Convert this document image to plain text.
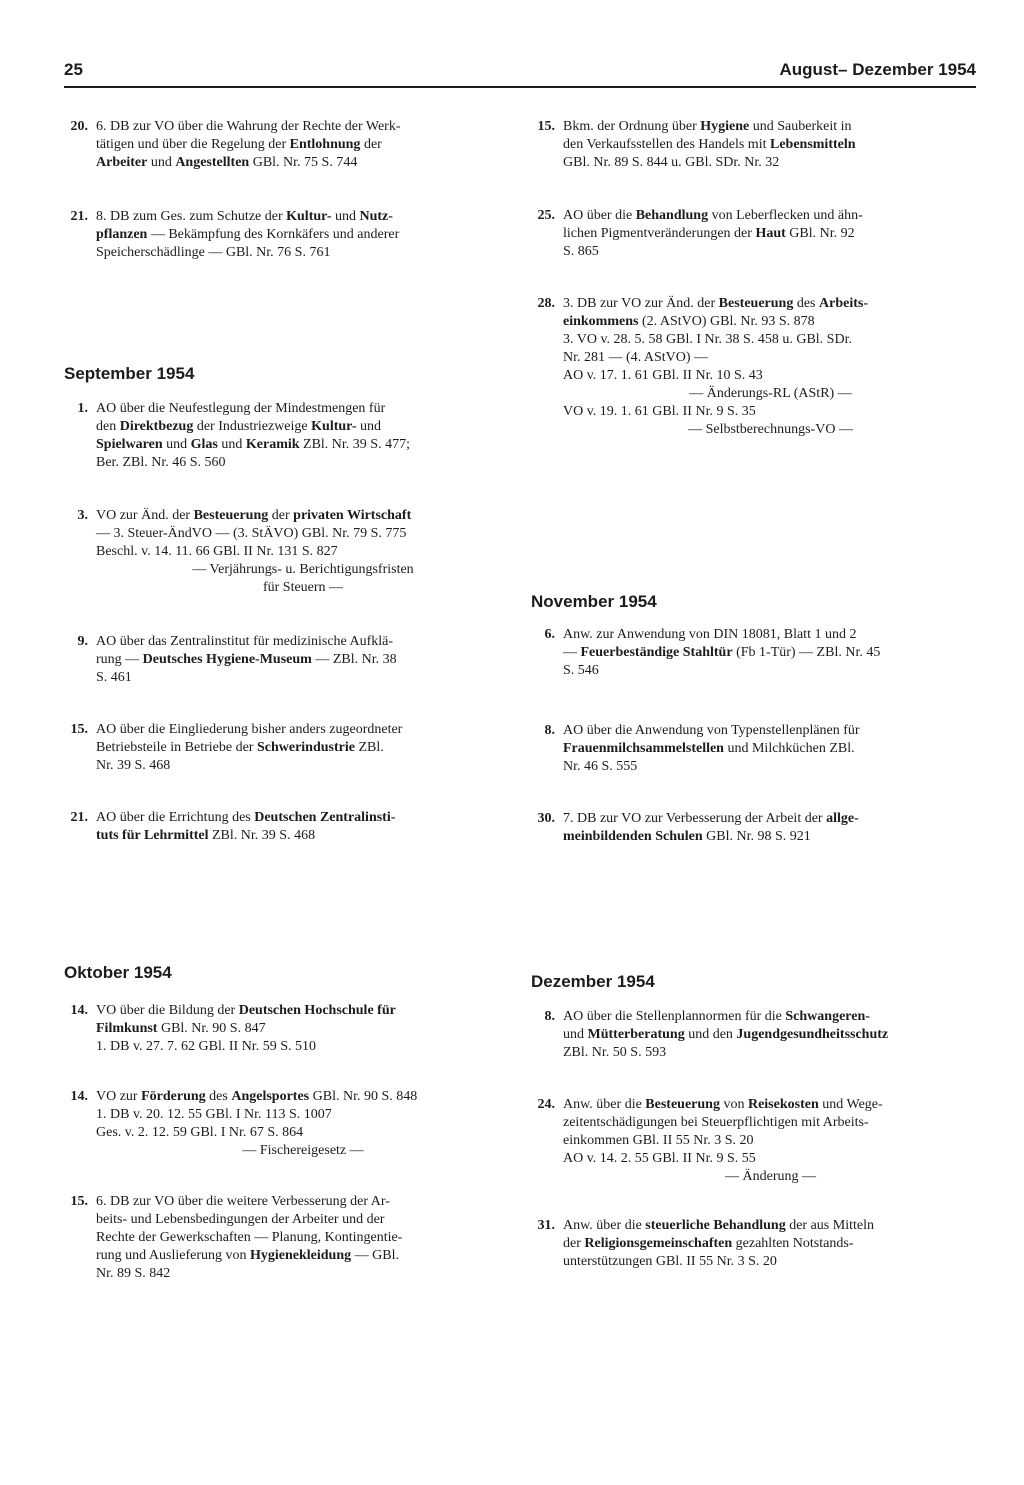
25	August– Dezember 1954
20. 6. DB zur VO über die Wahrung der Rechte der Werk-
tätigen und über die Regelung der Entlohnung der
Arbeiter und Angestellten GBl. Nr. 75 S. 744
21. 8. DB zum Ges. zum Schutze der Kultur- und Nutz-
pflanzen — Bekämpfung des Kornkäfers und anderer
Speicherschädlinge — GBl. Nr. 76 S. 761
September 1954
1. AO über die Neufestlegung der Mindestmengen für
den Direktbezug der Industriezweige Kultur- und
Spielwaren und Glas und Keramik ZBl. Nr. 39 S. 477;
Ber. ZBl. Nr. 46 S. 560
3. VO zur Änd. der Besteuerung der privaten Wirtschaft
— 3. Steuer-ÄndVO — (3. StÄVO) GBl. Nr. 79 S. 775
Beschl. v. 14. 11. 66 GBl. II Nr. 131 S. 827
— Verjährungs- u. Berichtigungsfristen
für Steuern —
9. AO über das Zentralinstitut für medizinische Aufklä-
rung — Deutsches Hygiene-Museum — ZBl. Nr. 38
S. 461
15. AO über die Eingliederung bisher anders zugeordneter
Betriebsteile in Betriebe der Schwerindustrie ZBl.
Nr. 39 S. 468
21. AO über die Errichtung des Deutschen Zentralinsti-
tuts für Lehrmittel ZBl. Nr. 39 S. 468
Oktober 1954
14. VO über die Bildung der Deutschen Hochschule für
Filmkunst GBl. Nr. 90 S. 847
1. DB v. 27. 7. 62 GBl. II Nr. 59 S. 510
14. VO zur Förderung des Angelsportes GBl. Nr. 90 S. 848
1. DB v. 20. 12. 55 GBl. I Nr. 113 S. 1007
Ges. v. 2. 12. 59 GBl. I Nr. 67 S. 864
— Fischereigesetz —
15. 6. DB zur VO über die weitere Verbesserung der Ar-
beits- und Lebensbedingungen der Arbeiter und der
Rechte der Gewerkschaften — Planung, Kontingentie-
rung und Auslieferung von Hygienekleidung — GBl.
Nr. 89 S. 842
15. Bkm. der Ordnung über Hygiene und Sauberkeit in
den Verkaufsstellen des Handels mit Lebensmitteln
GBl. Nr. 89 S. 844 u. GBl. SDr. Nr. 32
25. AO über die Behandlung von Leberflecken und ähn-
lichen Pigmentveränderungen der Haut GBl. Nr. 92
S. 865
28. 3. DB zur VO zur Änd. der Besteuerung des Arbeits-
einkommens (2. AStVO) GBl. Nr. 93 S. 878
3. VO v. 28. 5. 58 GBl. I Nr. 38 S. 458 u. GBl. SDr.
Nr. 281 — (4. AStVO) —
AO v. 17. 1. 61 GBl. II Nr. 10 S. 43
— Änderungs-RL (AStR) —
VO v. 19. 1. 61 GBl. II Nr. 9 S. 35
— Selbstberechnungs-VO —
November 1954
6. Anw. zur Anwendung von DIN 18081, Blatt 1 und 2
— Feuerbeständige Stahltür (Fb 1-Tür) — ZBl. Nr. 45
S. 546
8. AO über die Anwendung von Typenstellenplänen für
Frauenmilchsammelstellen und Milchküchen ZBl.
Nr. 46 S. 555
30. 7. DB zur VO zur Verbesserung der Arbeit der allge-
meinbildenden Schulen GBl. Nr. 98 S. 921
Dezember 1954
8. AO über die Stellenplannormen für die Schwangeren-
und Mütterberatung und den Jugendgesundheitsschutz
ZBl. Nr. 50 S. 593
24. Anw. über die Besteuerung von Reisekosten und Wege-
zeitentschädigungen bei Steuerpflichtigen mit Arbeits-
einkommen GBl. II 55 Nr. 3 S. 20
AO v. 14. 2. 55 GBl. II Nr. 9 S. 55
— Änderung —
31. Anw. über die steuerliche Behandlung der aus Mitteln
der Religionsgemeinschaften gezahlten Notstands-
unterstützungen GBl. II 55 Nr. 3 S. 20
